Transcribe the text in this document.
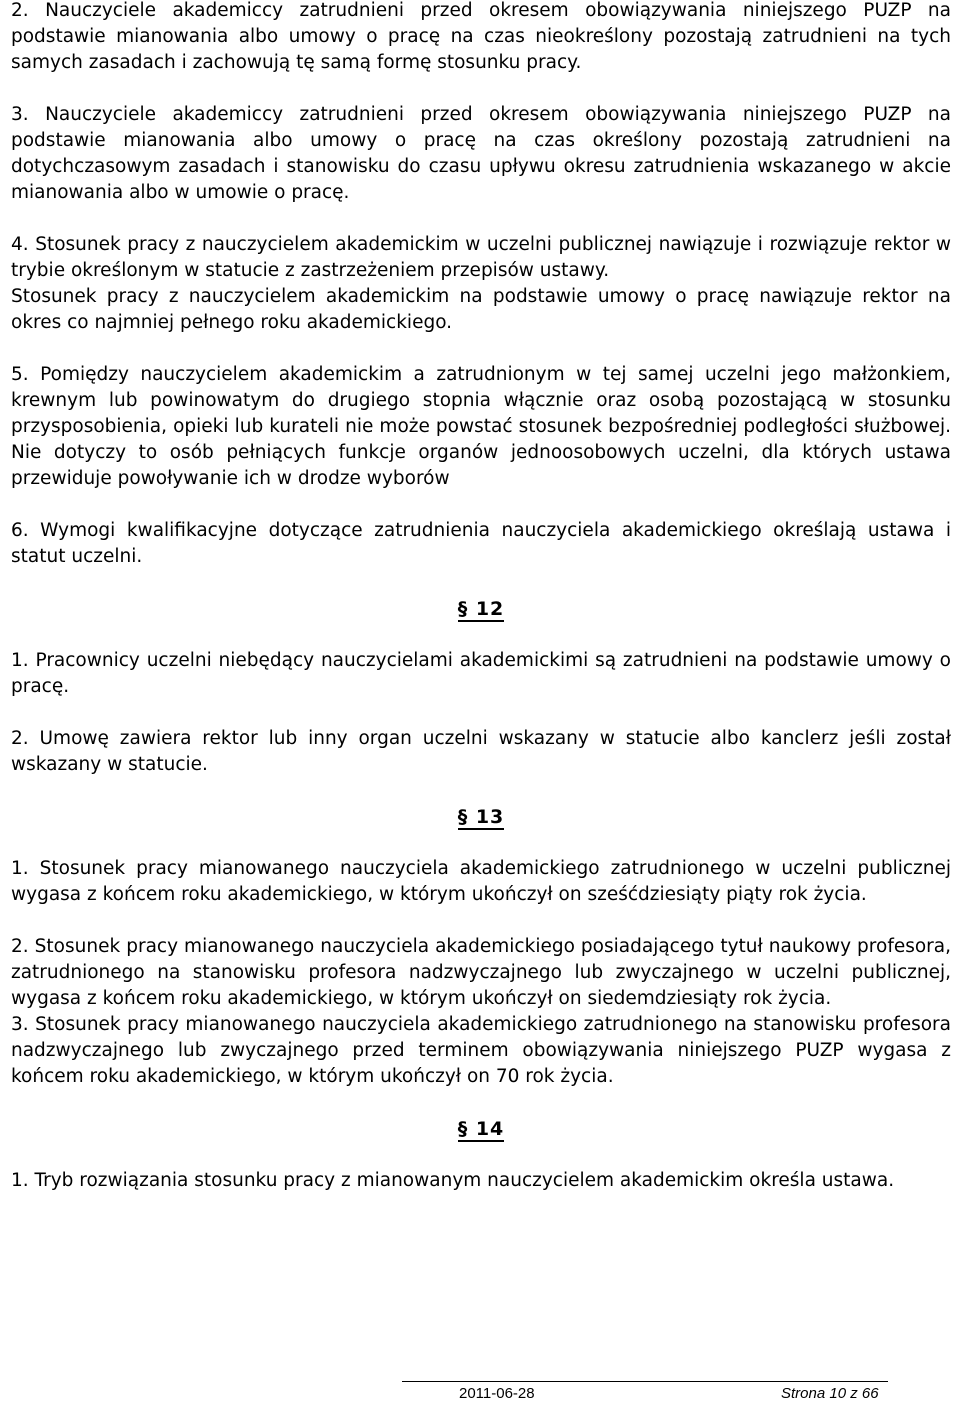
2. Nauczyciele akademiccy zatrudnieni przed okresem obowiązywania niniejszego PUZP na podstawie mianowania albo umowy o pracę na czas nieokreślony pozostają zatrudnieni na tych samych zasadach i zachowują tę samą formę stosunku pracy.

3. Nauczyciele akademiccy zatrudnieni przed okresem obowiązywania niniejszego PUZP na podstawie mianowania albo umowy o pracę na czas określony pozostają zatrudnieni na dotychczasowym zasadach i stanowisku do czasu upływu okresu zatrudnienia wskazanego w akcie mianowania albo w umowie o pracę.

4. Stosunek pracy z nauczycielem akademickim w uczelni publicznej nawiązuje i rozwiązuje rektor w trybie określonym w statucie z zastrzeżeniem przepisów ustawy.

Stosunek pracy z nauczycielem akademickim na podstawie umowy o pracę nawiązuje rektor na okres co najmniej pełnego roku akademickiego.

5. Pomiędzy nauczycielem akademickim a zatrudnionym w tej samej uczelni jego małżonkiem, krewnym lub powinowatym do drugiego stopnia włącznie oraz osobą pozostającą w stosunku przysposobienia, opieki lub kurateli nie może powstać stosunek bezpośredniej podległości służbowej. Nie dotyczy to osób pełniących funkcje organów jednoosobowych uczelni, dla których ustawa przewiduje powoływanie ich w drodze wyborów

6. Wymogi kwalifikacyjne dotyczące zatrudnienia nauczyciela akademickiego określają ustawa i statut uczelni.

§ 12

1. Pracownicy uczelni niebędący nauczycielami akademickimi są zatrudnieni na podstawie umowy o pracę.

2. Umowę zawiera rektor lub inny organ uczelni wskazany w statucie albo kanclerz jeśli został wskazany w statucie.

§ 13

1. Stosunek pracy mianowanego nauczyciela akademickiego zatrudnionego w uczelni publicznej wygasa z końcem roku akademickiego, w którym ukończył on sześćdziesiąty piąty rok życia.

2. Stosunek pracy mianowanego nauczyciela akademickiego posiadającego tytuł naukowy profesora, zatrudnionego na stanowisku profesora nadzwyczajnego lub zwyczajnego w uczelni publicznej, wygasa z końcem roku akademickiego, w którym ukończył on siedemdziesiąty rok życia.

3. Stosunek pracy mianowanego nauczyciela akademickiego zatrudnionego na stanowisku profesora nadzwyczajnego lub zwyczajnego przed terminem obowiązywania niniejszego PUZP wygasa z końcem roku akademickiego, w którym ukończył on 70 rok życia.

§ 14

1. Tryb rozwiązania stosunku pracy z mianowanym nauczycielem akademickim określa ustawa.

2011-06-28	Strona 10 z 66
